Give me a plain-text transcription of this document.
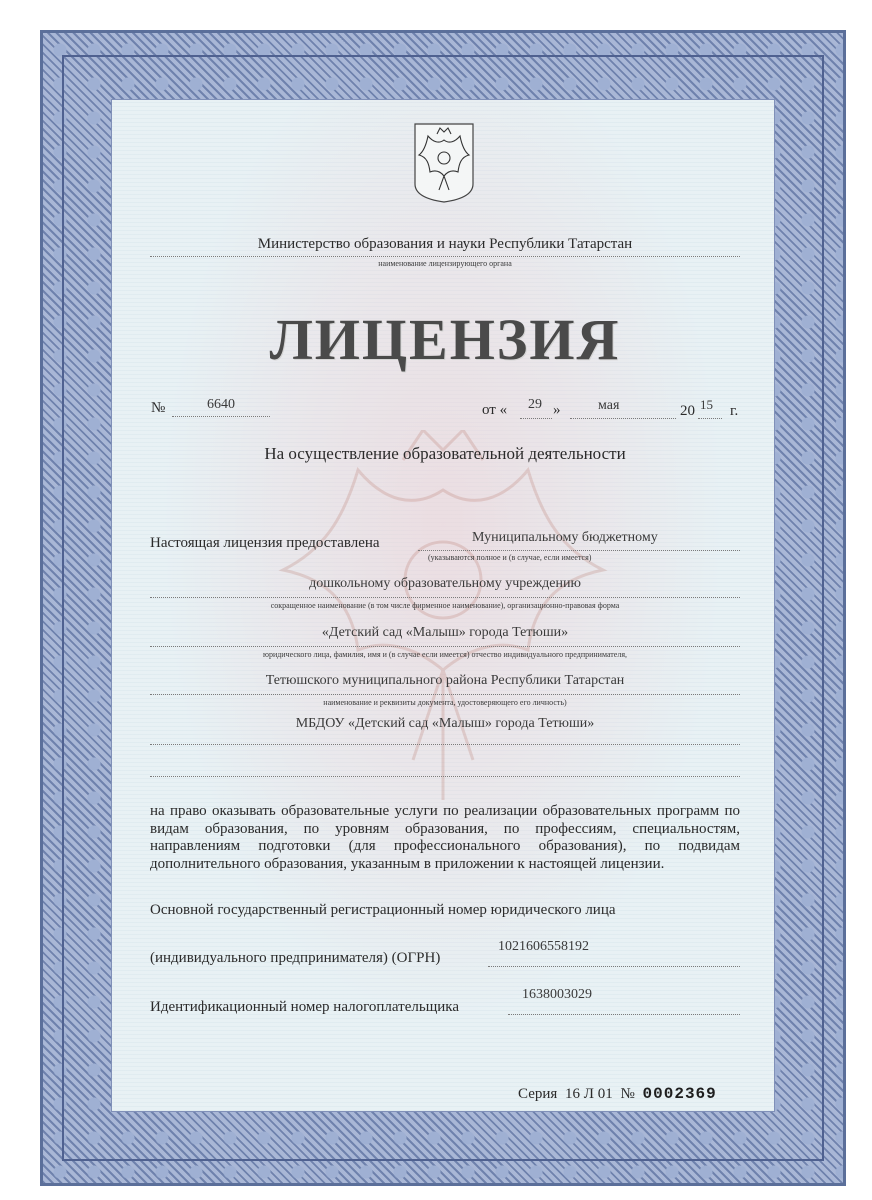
Министерство образования и науки Республики Татарстан
наименование лицензирующего органа
ЛИЦЕНЗИЯ
№	6640	от « 29 »	мая	20 15 г.
На осуществление образовательной деятельности
Настоящая лицензия предоставлена	Муниципальному бюджетному
(указываются полное и (в случае, если имеется)
дошкольному образовательному учреждению
сокращенное наименование (в том числе фирменное наименование), организационно-правовая форма
«Детский сад «Малыш» города Тетюши»
юридического лица, фамилия, имя и (в случае если имеется) отчество индивидуального предпринимателя,
Тетюшского муниципального района Республики Татарстан
наименование и реквизиты документа, удостоверяющего его личность)
МБДОУ «Детский сад «Малыш» города Тетюши»
на право оказывать образовательные услуги по реализации образовательных программ по видам образования, по уровням образования, по профессиям, специальностям, направлениям подготовки (для профессионального образования), по подвидам дополнительного образования, указанным в приложении к настоящей лицензии.
Основной государственный регистрационный номер юридического лица
(индивидуального предпринимателя) (ОГРН)
1021606558192
Идентификационный номер налогоплательщика
1638003029
Серия 16 Л 01 № 0002369
